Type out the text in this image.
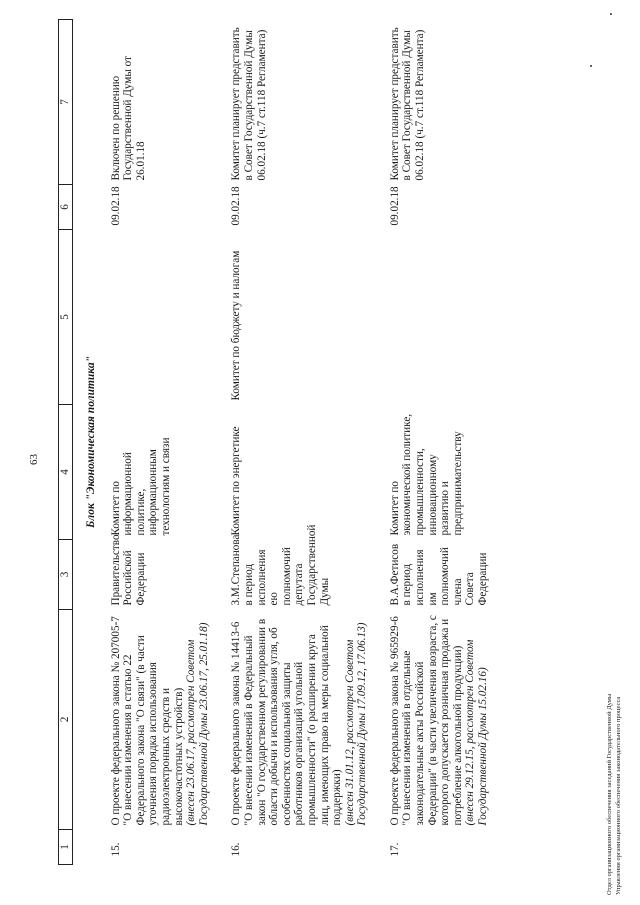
63
1	2	3	4	5	6	7
Блок "Экономическая политика"						
15.	О проекте федерального закона № 207005-7 "О внесении изменения в статью 22 Федерального закона "О связи" (в части уточнения порядка использования радиоэлектронных средств и высокочастотных устройств)
(внесен 23.06.17, рассмотрен Советом Государственной Думы 23.06.17, 25.01.18)	Правительство Российской Федерации	Комитет по информационной политике, информационным технологиям и связи		09.02.18	Включен по решению Государственной Думы от 26.01.18
16.	О проекте федерального закона № 14413-6 "О внесении изменений в Федеральный закон "О государственном регулировании в области добычи и использования угля, об особенностях социальной защиты работников организаций угольной промышленности" (о расширении круга лиц, имеющих право на меры социальной поддержки)
(внесен 31.01.12, рассмотрен Советом Государственной Думы 17.09.12, 17.06.13)	З.М.Степанова в период исполнения ею полномочий депутата Государственной Думы	Комитет по энергетике	Комитет по бюджету и налогам	09.02.18	Комитет планирует представить в Совет Государственной Думы 06.02.18 (ч.7 ст.118 Регламента)
17.	О проекте федерального закона № 965929-6 "О внесении изменений в отдельные законодательные акты Российской Федерации" (в части увеличения возраста, с которого допускается розничная продажа и потребление алкогольной продукции)
(внесен 29.12.15, рассмотрен Советом Государственной Думы 15.02.16)	В.А.Фетисов в период исполнения им полномочий члена Совета Федерации	Комитет по экономической политике, промышленности, инновационному развитию и предпринимательству		09.02.18	Комитет планирует представить в Совет Государственной Думы 06.02.18 (ч.7 ст.118 Регламента)
Отдел организационного обеспечения заседаний Государственной Думы Управления организационного обеспечения законодательного процесса
